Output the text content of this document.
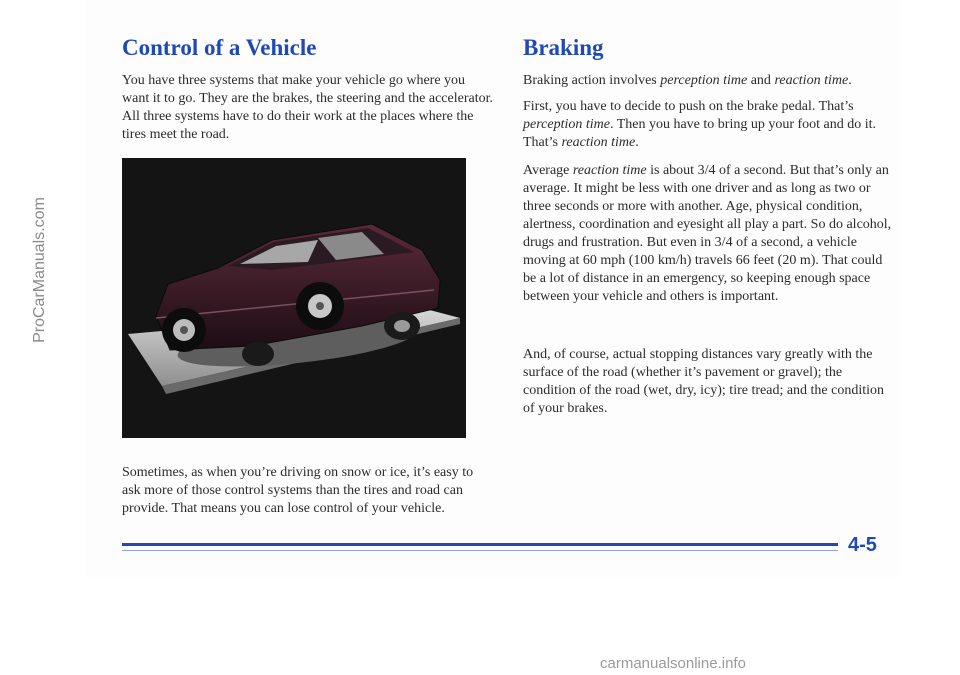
ProCarManuals.com
Control of a Vehicle

You have three systems that make your vehicle go where you want it to go. They are the brakes, the steering and the accelerator. All three systems have to do their work at the places where the tires meet the road.

Sometimes, as when you’re driving on snow or ice, it’s easy to ask more of those control systems than the tires and road can provide. That means you can lose control of your vehicle.

Braking

Braking action involves perception time and reaction time.

First, you have to decide to push on the brake pedal. That’s perception time. Then you have to bring up your foot and do it. That’s reaction time.

Average reaction time is about 3/4 of a second. But that’s only an average. It might be less with one driver and as long as two or three seconds or more with another. Age, physical condition, alertness, coordination and eyesight all play a part. So do alcohol, drugs and frustration. But even in 3/4 of a second, a vehicle moving at 60 mph (100 km/h) travels 66 feet (20 m). That could be a lot of distance in an emergency, so keeping enough space between your vehicle and others is important.

And, of course, actual stopping distances vary greatly with the surface of the road (whether it’s pavement or gravel); the condition of the road (wet, dry, icy); tire tread; and the condition of your brakes.

4-5

carmanualsonline.info
